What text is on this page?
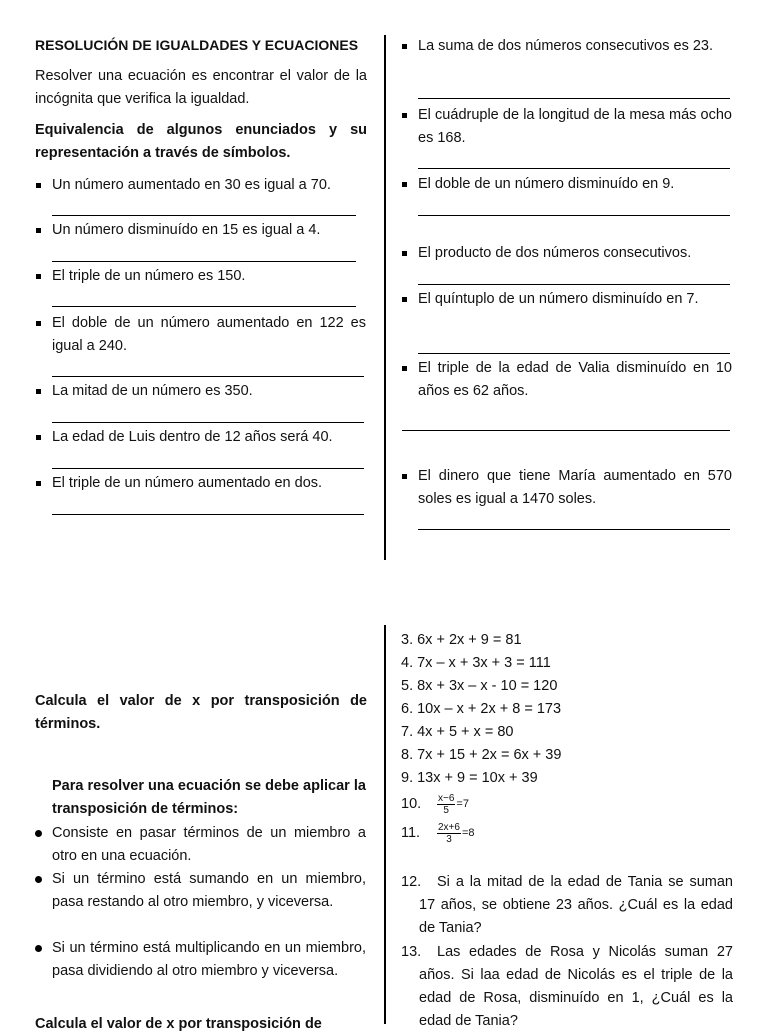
RESOLUCIÓN DE IGUALDADES Y ECUACIONES
Resolver una ecuación es encontrar el valor de la incógnita que verifica la igualdad.
Equivalencia de algunos enunciados y su representación a través de símbolos.
Un número aumentado en 30 es igual a 70.
Un número disminuído en 15 es igual a 4.
El triple de un número es 150.
El doble de un número aumentado en 122 es igual a 240.
La mitad de un número es 350.
La edad de Luis dentro de 12 años será 40.
El triple de un número aumentado en dos.
La suma de dos números consecutivos es 23.
El cuádruple de la longitud de la mesa más ocho es 168.
El doble de un número disminuído en 9.
El producto de dos números consecutivos.
El quíntuplo de un número disminuído en 7.
El triple de la edad de Valia disminuído en 10 años es 62 años.
El dinero que tiene María aumentado en 570 soles es igual a 1470 soles.
Calcula el valor de x por transposición de términos.
Para resolver una ecuación se debe aplicar la transposición de términos:
Consiste en pasar términos de un miembro a otro en una ecuación.
Si un término está sumando en un miembro, pasa restando al otro miembro, y viceversa.
Si un término está multiplicando en un miembro, pasa dividiendo al otro miembro y viceversa.
Calcula el valor de x por transposición de
3. 6x + 2x + 9 = 81
4. 7x – x + 3x + 3 = 111
5. 8x + 3x – x - 10 = 120
6. 10x – x + 2x + 8 = 173
7. 4x + 5 + x = 80
8. 7x + 15 + 2x = 6x + 39
9. 13x + 9 = 10x + 39
10.	$\frac{x-6}{5} =7$
11.	$\frac{2x+6}{3} =8$
12.	Si a la mitad de la edad de Tania se suman 17 años, se obtiene 23 años. ¿Cuál es la edad de Tania?
13.	Las edades de Rosa y Nicolás suman 27 años. Si laa edad de Nicolás es el triple de la edad de Rosa, disminuído en 1, ¿Cuál es la edad de Tania?
